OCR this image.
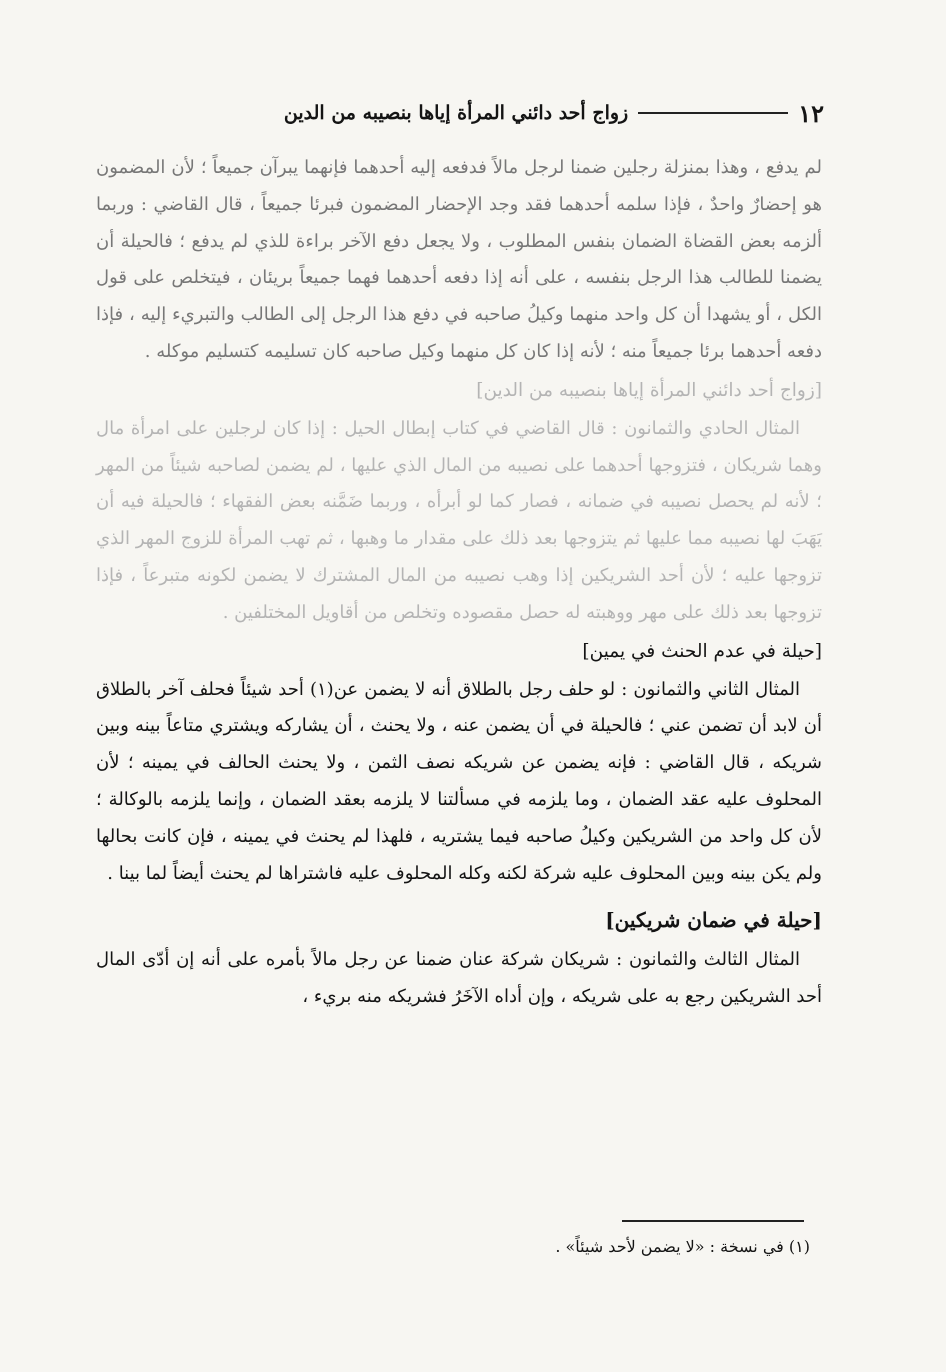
١٢
زواج أحد دائني المرأة إياها بنصيبه من الدين

لم يدفع ، وهذا بمنزلة رجلين ضمنا لرجل مالاً فدفعه إليه أحدهما فإنهما يبرآن جميعاً ؛ لأن المضمون هو إحضارٌ واحدٌ ، فإذا سلمه أحدهما فقد وجد الإحضار المضمون فبرئا جميعاً ، قال القاضي : وربما ألزمه بعض القضاة الضمان بنفس المطلوب ، ولا يجعل دفع الآخر براءة للذي لم يدفع ؛ فالحيلة أن يضمنا للطالب هذا الرجل بنفسه ، على أنه إذا دفعه أحدهما فهما جميعاً بريئان ، فيتخلص على قول الكل ، أو يشهدا أن كل واحد منهما وكيلُ صاحبه في دفع هذا الرجل إلى الطالب والتبريء إليه ، فإذا دفعه أحدهما برئا جميعاً منه ؛ لأنه إذا كان كل منهما وكيل صاحبه كان تسليمه كتسليم موكله .

[زواج أحد دائني المرأة إياها بنصيبه من الدين]

المثال الحادي والثمانون : قال القاضي في كتاب إبطال الحيل : إذا كان لرجلين على امرأة مال وهما شريكان ، فتزوجها أحدهما على نصيبه من المال الذي عليها ، لم يضمن لصاحبه شيئاً من المهر ؛ لأنه لم يحصل نصيبه في ضمانه ، فصار كما لو أبرأه ، وربما ضَمَّنه بعض الفقهاء ؛ فالحيلة فيه أن يَهَبَ لها نصيبه مما عليها ثم يتزوجها بعد ذلك على مقدار ما وهبها ، ثم تهب المرأة للزوج المهر الذي تزوجها عليه ؛ لأن أحد الشريكين إذا وهب نصيبه من المال المشترك لا يضمن لكونه متبرعاً ، فإذا تزوجها بعد ذلك على مهر ووهبته له حصل مقصوده وتخلص من أقاويل المختلفين .

[حيلة في عدم الحنث في يمين]

المثال الثاني والثمانون : لو حلف رجل بالطلاق أنه لا يضمن عن(١) أحد شيئاً فحلف آخر بالطلاق أن لابد أن تضمن عني ؛ فالحيلة في أن يضمن عنه ، ولا يحنث ، أن يشاركه ويشتري متاعاً بينه وبين شريكه ، قال القاضي : فإنه يضمن عن شريكه نصف الثمن ، ولا يحنث الحالف في يمينه ؛ لأن المحلوف عليه عقد الضمان ، وما يلزمه في مسألتنا لا يلزمه بعقد الضمان ، وإنما يلزمه بالوكالة ؛ لأن كل واحد من الشريكين وكيلُ صاحبه فيما يشتريه ، فلهذا لم يحنث في يمينه ، فإن كانت بحالها ولم يكن بينه وبين المحلوف عليه شركة لكنه وكله المحلوف عليه فاشتراها لم يحنث أيضاً لما بينا .

[حيلة في ضمان شريكين]

المثال الثالث والثمانون : شريكان شركة عنان ضمنا عن رجل مالاً بأمره على أنه إن أدّى المال أحد الشريكين رجع به على شريكه ، وإن أداه الآخَرُ فشريكه منه بريء ،

(١) في نسخة : «لا يضمن لأحد شيئاً» .
